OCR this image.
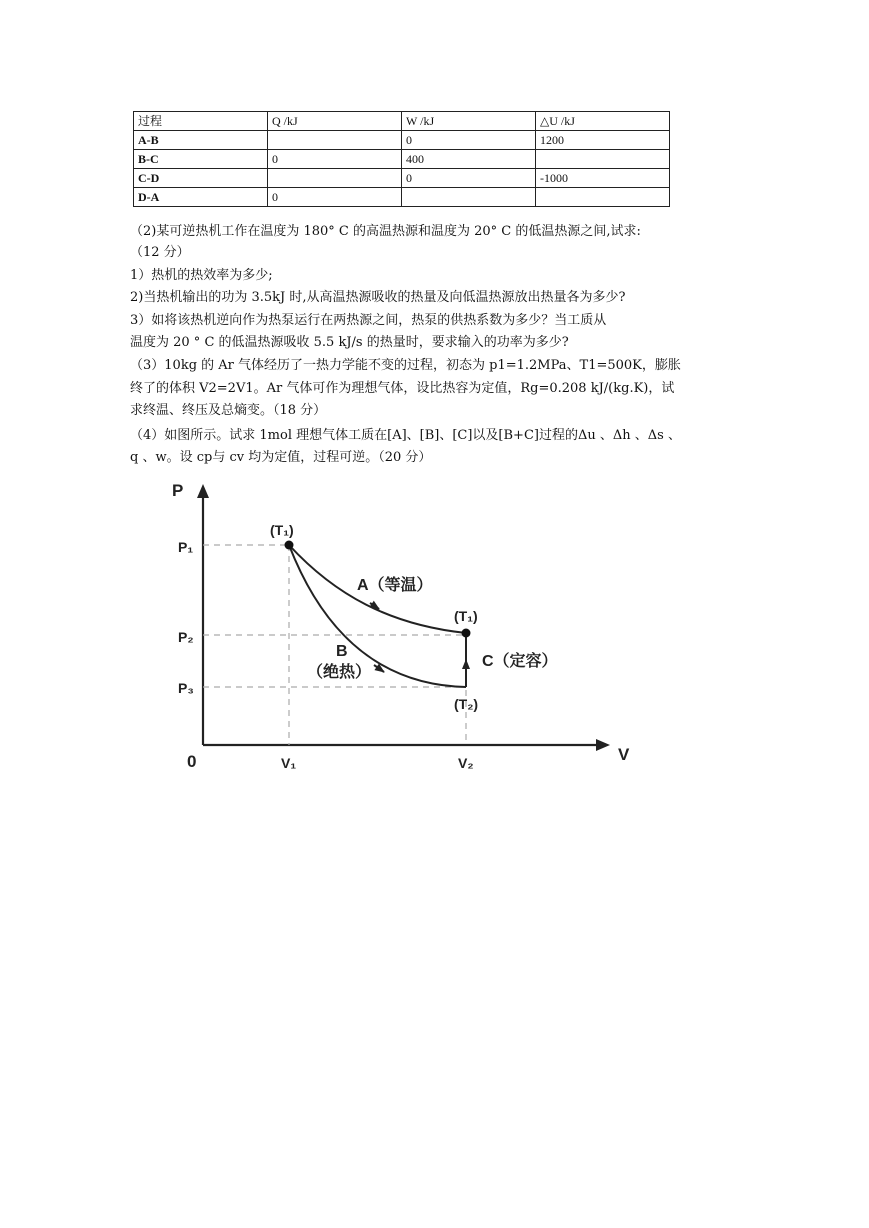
过程	Q /kJ	W /kJ	△U /kJ
A-B		0	1200
B-C	0	400	
C-D		0	-1000
D-A	0		

（2)某可逆热机工作在温度为 180° C 的高温热源和温度为 20° C 的低温热源之间,试求:

（12 分）

1）热机的热效率为多少;

2)当热机输出的功为 3.5kJ 时,从高温热源吸收的热量及向低温热源放出热量各为多少?

3）如将该热机逆向作为热泵运行在两热源之间，热泵的供热系数为多少？当工质从

温度为 20 ° C 的低温热源吸收 5.5 kJ/s 的热量时，要求输入的功率为多少?

（3）10kg 的 Ar 气体经历了一热力学能不变的过程，初态为 p1=1.2MPa、T1=500K，膨胀

终了的体积 V2=2V1。Ar 气体可作为理想气体，设比热容为定值，Rg=0.208 kJ/(kg.K)，试

求终温、终压及总熵变。（18 分）

（4）如图所示。试求 1mol 理想气体工质在[A]、[B]、[C]以及[B+C]过程的Δu 、Δh 、Δs 、

q 、w。设 cp与 cv 均为定值，过程可逆。（20 分）

P
V
0
P₁
P₂
P₃
V₁	V₂
(T₁)
(T₁)
(T₂)
A（等温）
B
（绝热）
C（定容）
